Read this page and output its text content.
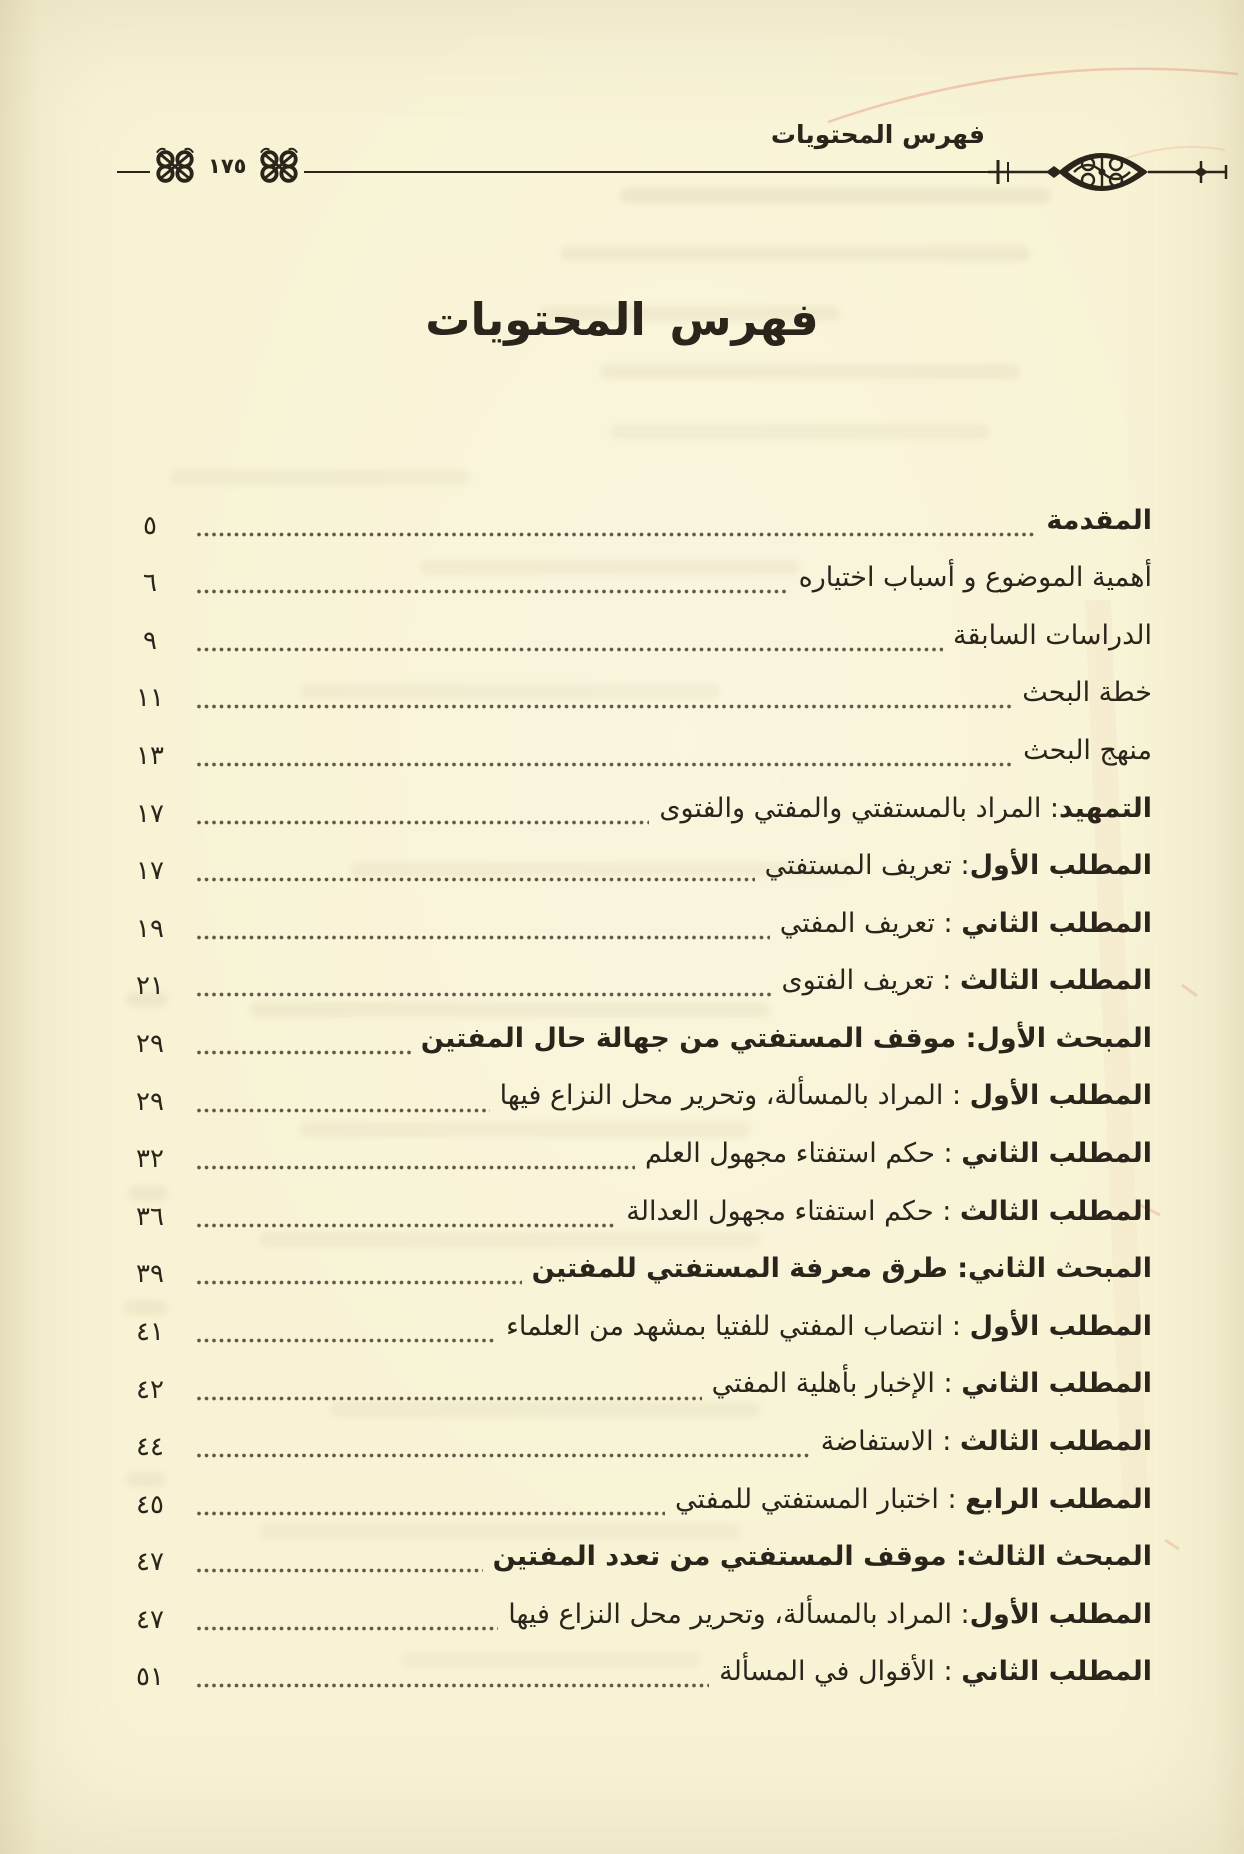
فهرس المحتويات
١٧٥
فهرس المحتويات
المقدمة
٥
أهمية الموضوع و أسباب اختياره
٦
الدراسات السابقة
٩
خطة البحث
١١
منهج البحث
١٣
التمهيد: المراد بالمستفتي والمفتي والفتوى
١٧
المطلب الأول: تعريف المستفتي
١٧
المطلب الثاني : تعريف المفتي
١٩
المطلب الثالث : تعريف الفتوى
٢١
المبحث الأول: موقف المستفتي من جهالة حال المفتين
٢٩
المطلب الأول : المراد بالمسألة، وتحرير محل النزاع فيها
٢٩
المطلب الثاني : حكم استفتاء مجهول العلم
٣٢
المطلب الثالث : حكم استفتاء مجهول العدالة
٣٦
المبحث الثاني: طرق معرفة المستفتي للمفتين
٣٩
المطلب الأول : انتصاب المفتي للفتيا بمشهد من العلماء
٤١
المطلب الثاني : الإخبار بأهلية المفتي
٤٢
المطلب الثالث : الاستفاضة
٤٤
المطلب الرابع : اختبار المستفتي للمفتي
٤٥
المبحث الثالث: موقف المستفتي من تعدد المفتين
٤٧
المطلب الأول: المراد بالمسألة، وتحرير محل النزاع فيها
٤٧
المطلب الثاني : الأقوال في المسألة
٥١
